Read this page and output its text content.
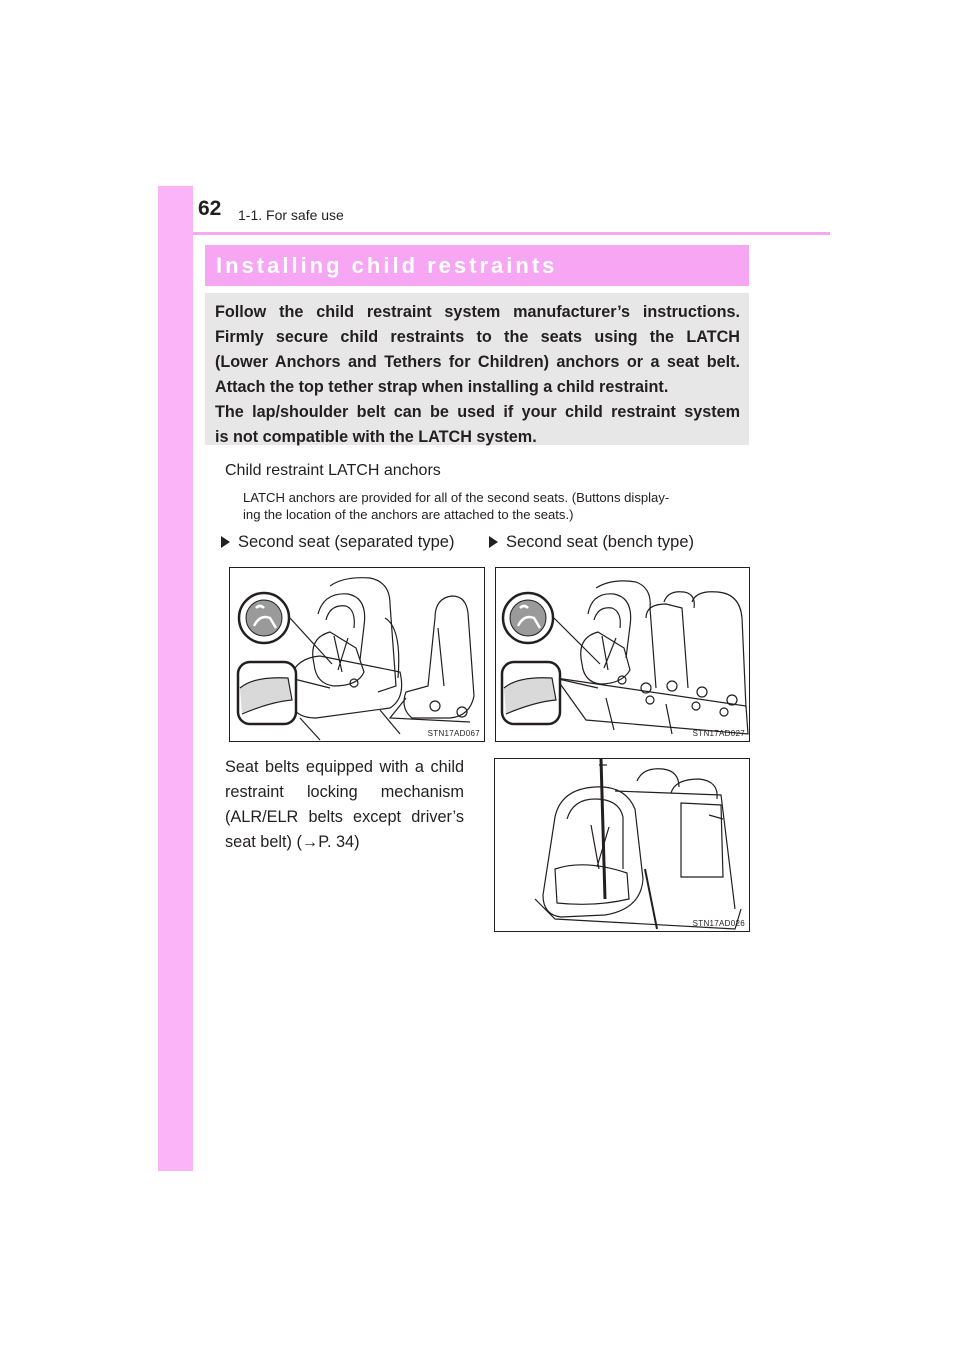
62 1-1. For safe use
Installing child restraints

Follow the child restraint system manufacturer’s instructions.

Firmly secure child restraints to the seats using the LATCH

(Lower Anchors and Tethers for Children) anchors or a seat belt.

Attach the top tether strap when installing a child restraint.

The lap/shoulder belt can be used if your child restraint system

is not compatible with the LATCH system.

Child restraint LATCH anchors
LATCH anchors are provided for all of the second seats. (Buttons display-
ing the location of the anchors are attached to the seats.)
Second seat (separated type)	Second seat (bench type)
STN17AD067	STN17AD027
Seat belts equipped with a child
restraint locking mechanism
(ALR/ELR belts except driver’s
seat belt) (→P. 34)
STN17AD026
